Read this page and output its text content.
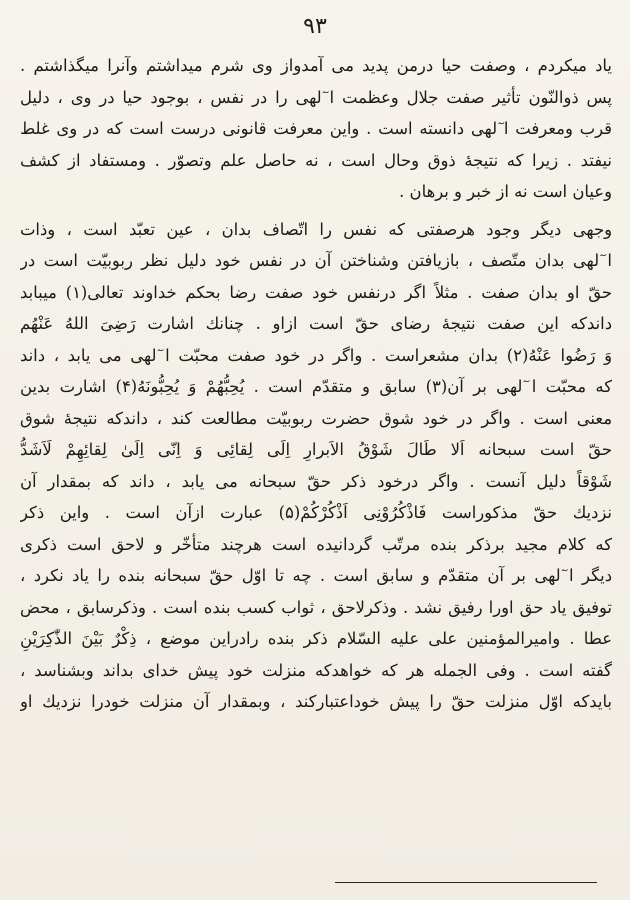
۹۳
یاد میکردم ، وصفت حیا درمن پدید می آمدواز وی شرم میداشتم وآنرا میگذاشتم .
پس ذوالنّون تأثیر صفت جلال وعظمت ا ٓلهی را در نفس ، بوجود حیا در وی ، دلیل
قرب ومعرفت ا ٓلهی دانسته است . واین معرفت قانونی درست است که در وی غلط
نیفتد . زیرا که نتیجۀ ذوق وحال است ، نه حاصل علم وتصوّر . ومستفاد از کشف
وعیان است نه از خبر و برهان .
وجهی دیگر وجود هرصفتی که نفس را اتّصاف بدان ، عین تعبّد است ، وذات
ا ٓلهی بدان متّصف ، بازیافتن وشناختن آن در نفس خود دلیل نظر ربوبیّت است در
حقّ او بدان صفت . مثلاً اگر درنفس خود صفت رضا بحکم خداوند تعالی(۱) میبابد
داندکه این صفت نتیجۀ رضای حقّ است ازاو . چنانك اشارت رَضِیَ اللهُ عَنْهُم
وَ رَضُوا عَنْهُ(۲) بدان مشعراست . واگر در خود صفت محبّت ا ٓلهی می یابد ، داند
که محبّت ا ٓلهی بر آن(۳) سابق و متقدّم است . یُحِبُّهُمْ وَ یُحِبُّونَهُ(۴) اشارت بدین
معنی است . واگر در خود شوق حضرت ربوبیّت مطالعت کند ، داندکه نتیجۀ شوق
حقّ است سبحانه اَلا طَالَ شَوْقُ الاَبرارِ اِلَی لِقائِی وَ اِنّی اِلَیٰ لِقائِهِمْ لَاَشَدُّ
شَوْقاً دلیل آنست . واگر درخود ذکر حقّ سبحانه می یابد ، داند که بمقدار آن
نزدیك حقّ مذکوراست فَاذْکُرُوْنِی اَذْکُرْکُمْ(۵) عبارت ازآن است . واین ذکر
که کلام مجید برذکر بنده مرتّب گردانیده است هرچند متأخّر و لاحق است ذکری
دیگر ا ٓلهی بر آن متقدّم و سابق است . چه تا اوّل حقّ سبحانه بنده را یاد نکرد ،
توفیق یاد حق اورا رفیق نشد . وذکرلاحق ، ثواب کسب بنده است . وذکرسابق ، محض
عطا . وامیرالمؤمنین علی علیه السّلام ذکر بنده رادراین موضع ، ذِکْرٌ بَیْنَ الذّٰکِرَیْنِ
گفته است . وفی الجمله هر که خواهدکه منزلت خود پیش خدای بداند وبشناسد ،
بایدکه اوّل منزلت حقّ را پیش خوداعتبارکند ، وبمقدار آن منزلت خودرا نزدیك او
